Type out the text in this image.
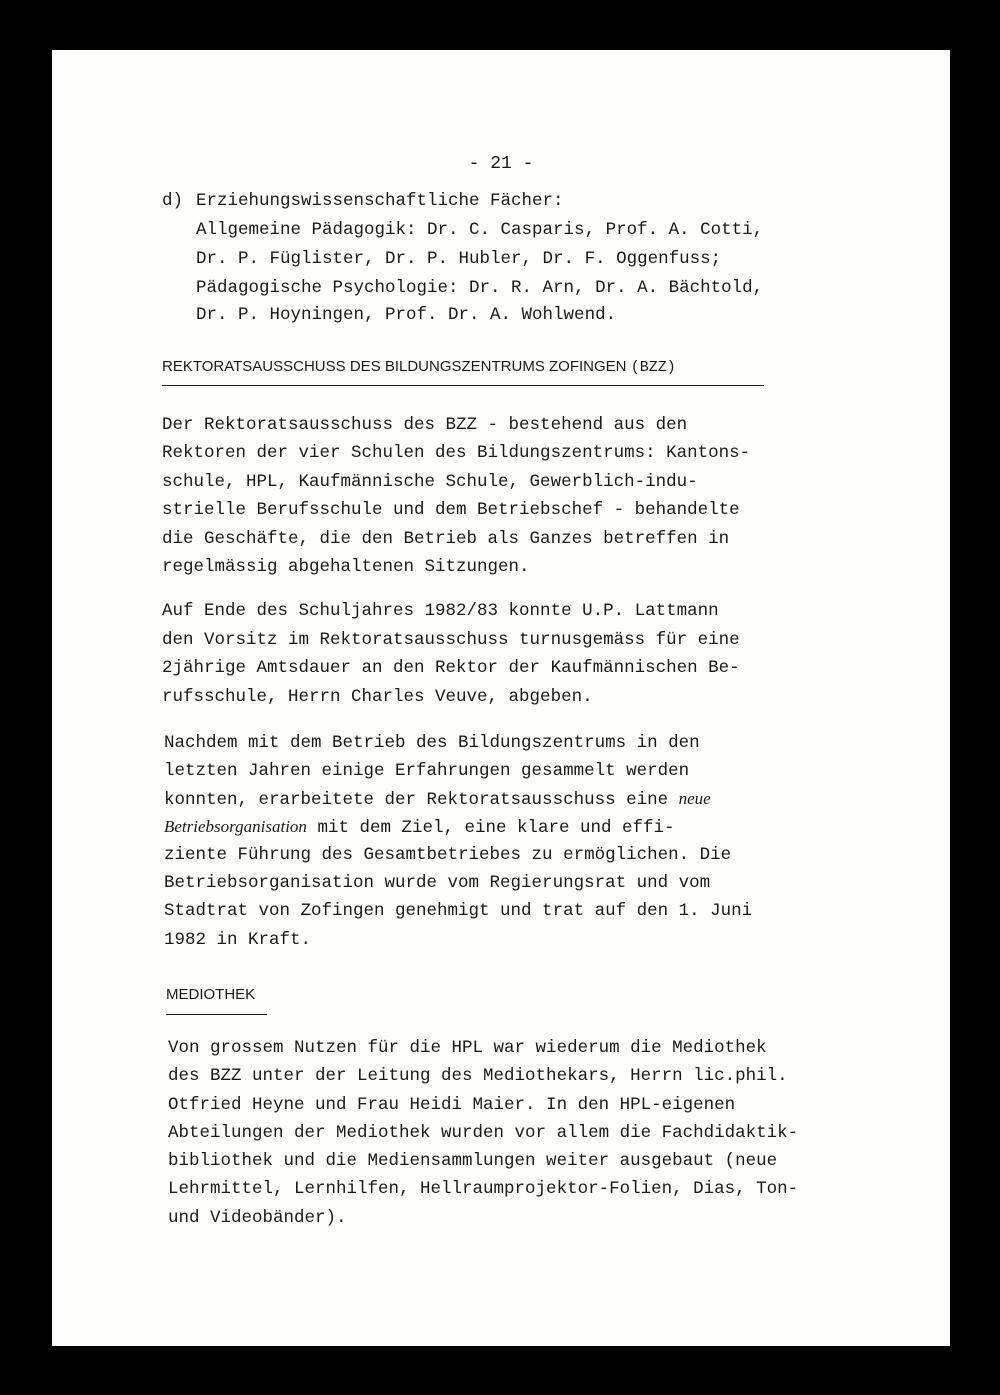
- 21 -
d) Erziehungswissenschaftliche Fächer:
Allgemeine Pädagogik: Dr. C. Casparis, Prof. A. Cotti,
Dr. P. Füglister, Dr. P. Hubler, Dr. F. Oggenfuss;
Pädagogische Psychologie: Dr. R. Arn, Dr. A. Bächtold,
Dr. P. Hoyningen, Prof. Dr. A. Wohlwend.
REKTORATSAUSSCHUSS DES BILDUNGSZENTRUMS ZOFINGEN (BZZ)
Der Rektoratsausschuss des BZZ - bestehend aus den
Rektoren der vier Schulen des Bildungszentrums: Kantons-
schule, HPL, Kaufmännische Schule, Gewerblich-indu-
strielle Berufsschule und dem Betriebschef - behandelte
die Geschäfte, die den Betrieb als Ganzes betreffen in
regelmässig abgehaltenen Sitzungen.
Auf Ende des Schuljahres 1982/83 konnte U.P. Lattmann
den Vorsitz im Rektoratsausschuss turnusgemäss für eine
2jährige Amtsdauer an den Rektor der Kaufmännischen Be-
rufsschule, Herrn Charles Veuve, abgeben.
Nachdem mit dem Betrieb des Bildungszentrums in den
letzten Jahren einige Erfahrungen gesammelt werden
konnten, erarbeitete der Rektoratsausschuss eine neue
Betriebsorganisation mit dem Ziel, eine klare und effi-
ziente Führung des Gesamtbetriebes zu ermöglichen. Die
Betriebsorganisation wurde vom Regierungsrat und vom
Stadtrat von Zofingen genehmigt und trat auf den 1. Juni
1982 in Kraft.
MEDIOTHEK
Von grossem Nutzen für die HPL war wiederum die Mediothek
des BZZ unter der Leitung des Mediothekars, Herrn lic.phil.
Otfried Heyne und Frau Heidi Maier. In den HPL-eigenen
Abteilungen der Mediothek wurden vor allem die Fachdidaktik-
bibliothek und die Mediensammlungen weiter ausgebaut (neue
Lehrmittel, Lernhilfen, Hellraumprojektor-Folien, Dias, Ton-
und Videobänder).
